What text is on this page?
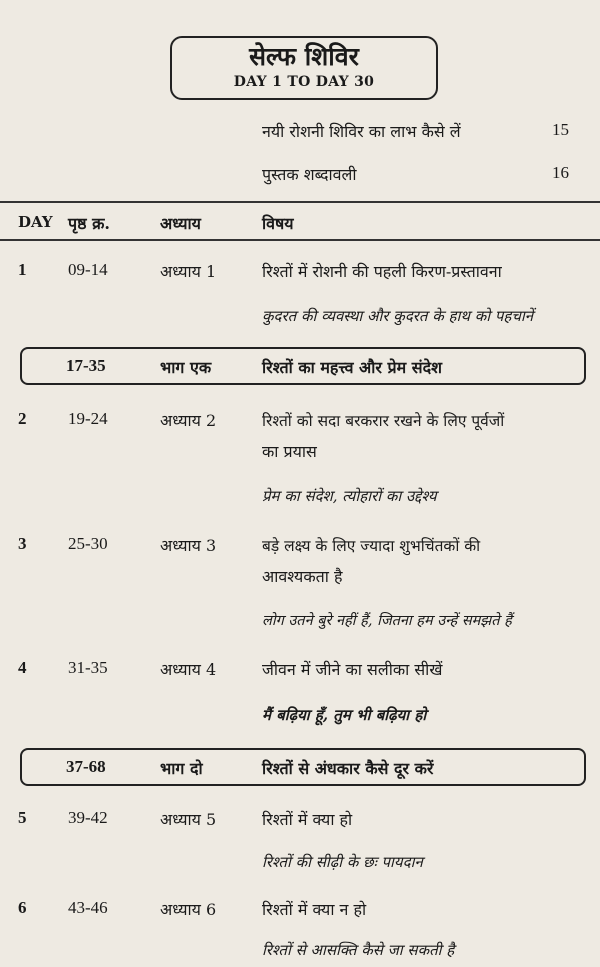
सेल्फ शिविर
DAY 1 TO DAY 30
नयी रोशनी शिविर का लाभ कैसे लें	15
पुस्तक शब्दावली	16
DAY पृष्ठ क्र.	अध्याय	विषय
1 09-14	अध्याय 1	रिश्तों में रोशनी की पहली किरण-प्रस्तावना
कुदरत की व्यवस्था और कुदरत के हाथ को पहचानें
17-35	भाग एक	रिश्तों का महत्त्व और प्रेम संदेश
2 19-24	अध्याय 2	रिश्तों को सदा बरकरार रखने के लिए पूर्वजों
का प्रयास
प्रेम का संदेश, त्योहारों का उद्देश्य
3 25-30	अध्याय 3	बड़े लक्ष्य के लिए ज्यादा शुभचिंतकों की
आवश्यकता है
लोग उतने बुरे नहीं हैं, जितना हम उन्हें समझते हैं
4 31-35	अध्याय 4	जीवन में जीने का सलीका सीखें
मैं बढ़िया हूँ, तुम भी बढ़िया हो
37-68	भाग दो	रिश्तों से अंधकार कैसे दूर करें
5 39-42	अध्याय 5	रिश्तों में क्या हो
रिश्तों की सीढ़ी के छः पायदान
6 43-46	अध्याय 6	रिश्तों में क्या न हो
रिश्तों से आसक्ति कैसे जा सकती है
